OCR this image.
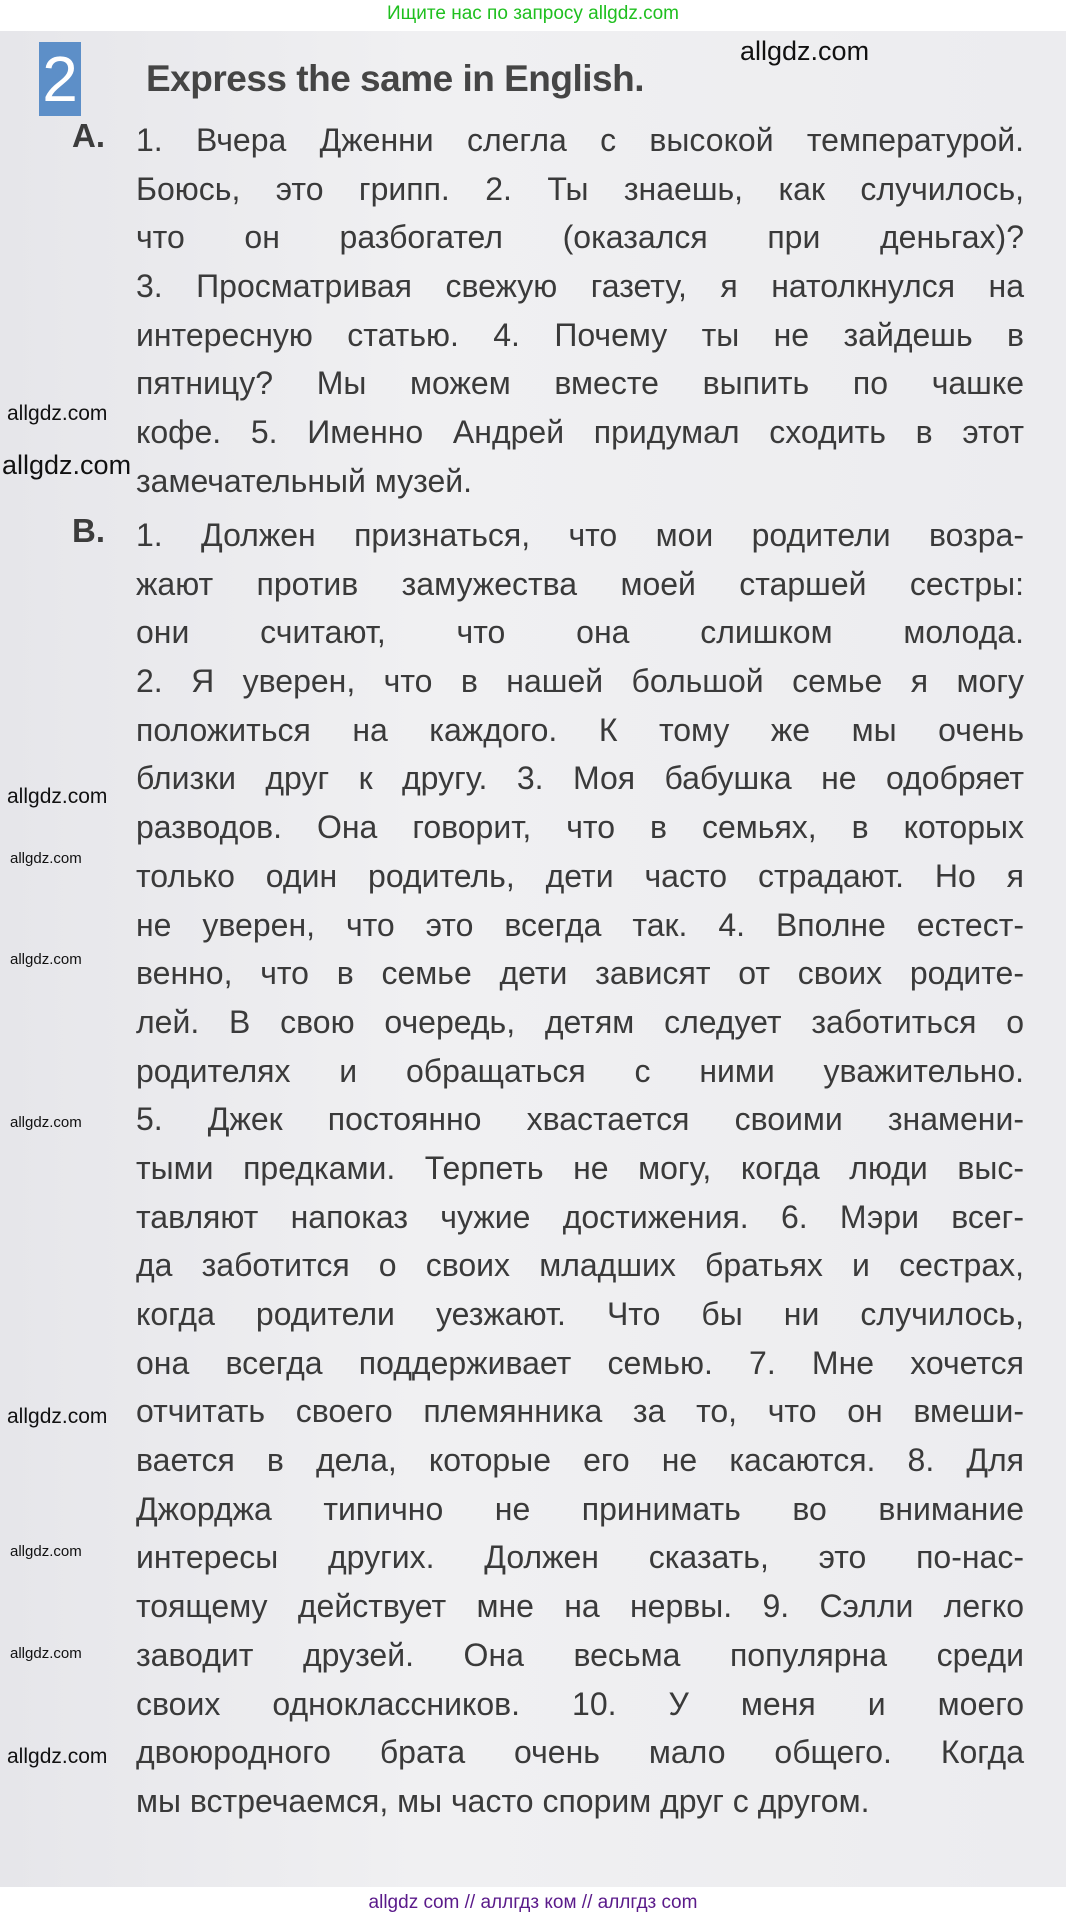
Ищите нас по запросу allgdz.com
2 Express the same in English.
A. 1. Вчера Дженни слегла с высокой температурой.
Боюсь, это грипп. 2. Ты знаешь, как случилось,
что он разбогател (оказался при деньгах)?
3. Просматривая свежую газету, я натолкнулся на
интересную статью. 4. Почему ты не зайдешь в
пятницу? Мы можем вместе выпить по чашке
кофе. 5. Именно Андрей придумал сходить в этот
замечательный музей.
B. 1. Должен признаться, что мои родители возра-
жают против замужества моей старшей сестры:
они считают, что она слишком молода.
2. Я уверен, что в нашей большой семье я могу
положиться на каждого. К тому же мы очень
близки друг к другу. 3. Моя бабушка не одобряет
разводов. Она говорит, что в семьях, в которых
только один родитель, дети часто страдают. Но я
не уверен, что это всегда так. 4. Вполне естест-
венно, что в семье дети зависят от своих родите-
лей. В свою очередь, детям следует заботиться о
родителях и обращаться с ними уважительно.
5. Джек постоянно хвастается своими знамени-
тыми предками. Терпеть не могу, когда люди выс-
тавляют напоказ чужие достижения. 6. Мэри всег-
да заботится о своих младших братьях и сестрах,
когда родители уезжают. Что бы ни случилось,
она всегда поддерживает семью. 7. Мне хочется
отчитать своего племянника за то, что он вмеши-
вается в дела, которые его не касаются. 8. Для
Джорджа типично не принимать во внимание
интересы других. Должен сказать, это по-нас-
тоящему действует мне на нервы. 9. Сэлли легко
заводит друзей. Она весьма популярна среди
своих одноклассников. 10. У меня и моего
двоюродного брата очень мало общего. Когда
мы встречаемся, мы часто спорим друг с другом.
allgdz.com
allgdz.com
allgdz.com
allgdz.com
allgdz.com
allgdz.com
allgdz.com
allgdz.com
allgdz.com
allgdz.com
allgdz.com
allgdz com // аллгдз ком // аллгдз com
